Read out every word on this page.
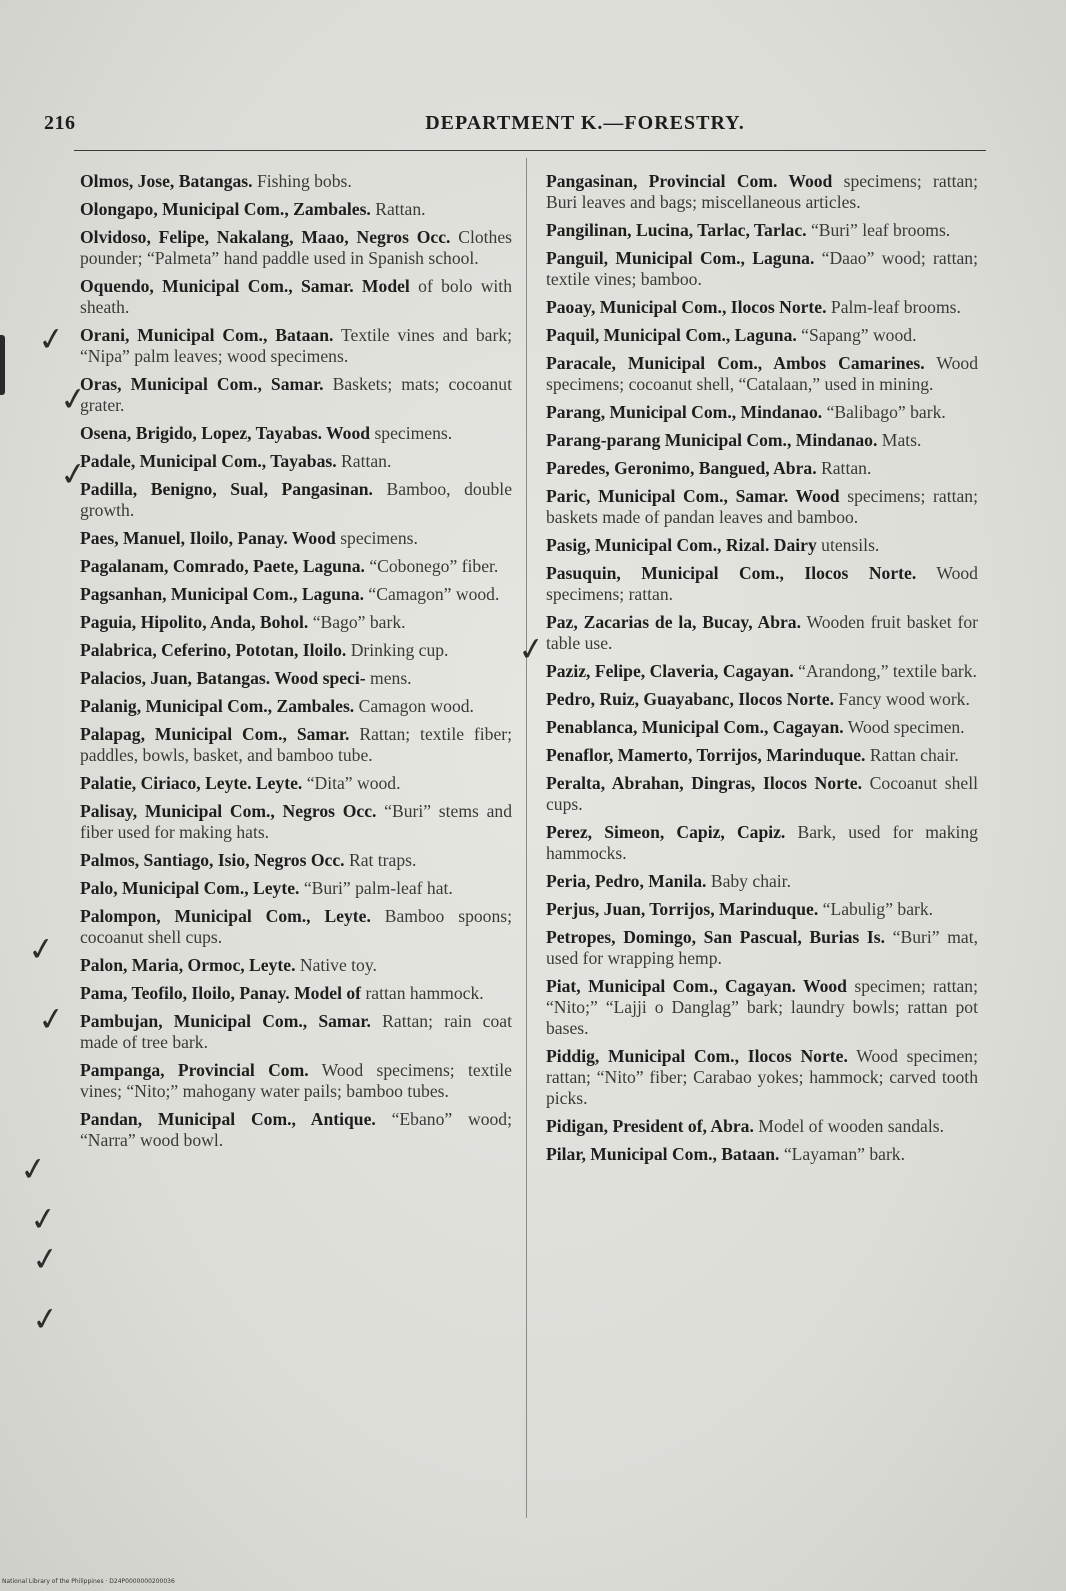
216	DEPARTMENT K.—FORESTRY.
✓
✓
✓
✓
✓
✓
✓
✓
✓
✓
Olmos, Jose, Batangas. Fishing bobs.
Olongapo, Municipal Com., Zambales. Rattan.
Olvidoso, Felipe, Nakalang, Maao, Negros Occ. Clothes pounder; “Palmeta” hand paddle used in Spanish school.
Oquendo, Municipal Com., Samar. Model of bolo with sheath.
Orani, Municipal Com., Bataan. Textile vines and bark; “Nipa” palm leaves; wood specimens.
Oras, Municipal Com., Samar. Baskets; mats; cocoanut grater.
Osena, Brigido, Lopez, Tayabas. Wood specimens.
Padale, Municipal Com., Tayabas. Rattan.
Padilla, Benigno, Sual, Pangasinan. Bamboo, double growth.
Paes, Manuel, Iloilo, Panay. Wood specimens.
Pagalanam, Comrado, Paete, Laguna. “Cobonego” fiber.
Pagsanhan, Municipal Com., Laguna. “Camagon” wood.
Paguia, Hipolito, Anda, Bohol. “Bago” bark.
Palabrica, Ceferino, Pototan, Iloilo. Drinking cup.
Palacios, Juan, Batangas. Wood speci- mens.
Palanig, Municipal Com., Zambales. Camagon wood.
Palapag, Municipal Com., Samar. Rattan; textile fiber; paddles, bowls, basket, and bamboo tube.
Palatie, Ciriaco, Leyte. Leyte. “Dita” wood.
Palisay, Municipal Com., Negros Occ. “Buri” stems and fiber used for making hats.
Palmos, Santiago, Isio, Negros Occ. Rat traps.
Palo, Municipal Com., Leyte. “Buri” palm-leaf hat.
Palompon, Municipal Com., Leyte. Bamboo spoons; cocoanut shell cups.
Palon, Maria, Ormoc, Leyte. Native toy.
Pama, Teofilo, Iloilo, Panay. Model of rattan hammock.
Pambujan, Municipal Com., Samar. Rattan; rain coat made of tree bark.
Pampanga, Provincial Com. Wood specimens; textile vines; “Nito;” mahogany water pails; bamboo tubes.
Pandan, Municipal Com., Antique. “Ebano” wood; “Narra” wood bowl.
Pangasinan, Provincial Com. Wood specimens; rattan; Buri leaves and bags; miscellaneous articles.
Pangilinan, Lucina, Tarlac, Tarlac. “Buri” leaf brooms.
Panguil, Municipal Com., Laguna. “Daao” wood; rattan; textile vines; bamboo.
Paoay, Municipal Com., Ilocos Norte. Palm-leaf brooms.
Paquil, Municipal Com., Laguna. “Sapang” wood.
Paracale, Municipal Com., Ambos Camarines. Wood specimens; cocoanut shell, “Catalaan,” used in mining.
Parang, Municipal Com., Mindanao. “Balibago” bark.
Parang-parang Municipal Com., Mindanao. Mats.
Paredes, Geronimo, Bangued, Abra. Rattan.
Paric, Municipal Com., Samar. Wood specimens; rattan; baskets made of pandan leaves and bamboo.
Pasig, Municipal Com., Rizal. Dairy utensils.
Pasuquin, Municipal Com., Ilocos Norte. Wood specimens; rattan.
Paz, Zacarias de la, Bucay, Abra. Wooden fruit basket for table use.
Paziz, Felipe, Claveria, Cagayan. “Arandong,” textile bark.
Pedro, Ruiz, Guayabanc, Ilocos Norte. Fancy wood work.
Penablanca, Municipal Com., Cagayan. Wood specimen.
Penaflor, Mamerto, Torrijos, Marinduque. Rattan chair.
Peralta, Abrahan, Dingras, Ilocos Norte. Cocoanut shell cups.
Perez, Simeon, Capiz, Capiz. Bark, used for making hammocks.
Peria, Pedro, Manila. Baby chair.
Perjus, Juan, Torrijos, Marinduque. “Labulig” bark.
Petropes, Domingo, San Pascual, Burias Is. “Buri” mat, used for wrapping hemp.
Piat, Municipal Com., Cagayan. Wood specimen; rattan; “Nito;” “Lajji o Danglag” bark; laundry bowls; rattan pot bases.
Piddig, Municipal Com., Ilocos Norte. Wood specimen; rattan; “Nito” fiber; Carabao yokes; hammock; carved tooth picks.
Pidigan, President of, Abra. Model of wooden sandals.
Pilar, Municipal Com., Bataan. “Layaman” bark.
National Library of the Philippines · D24P0000000200036
